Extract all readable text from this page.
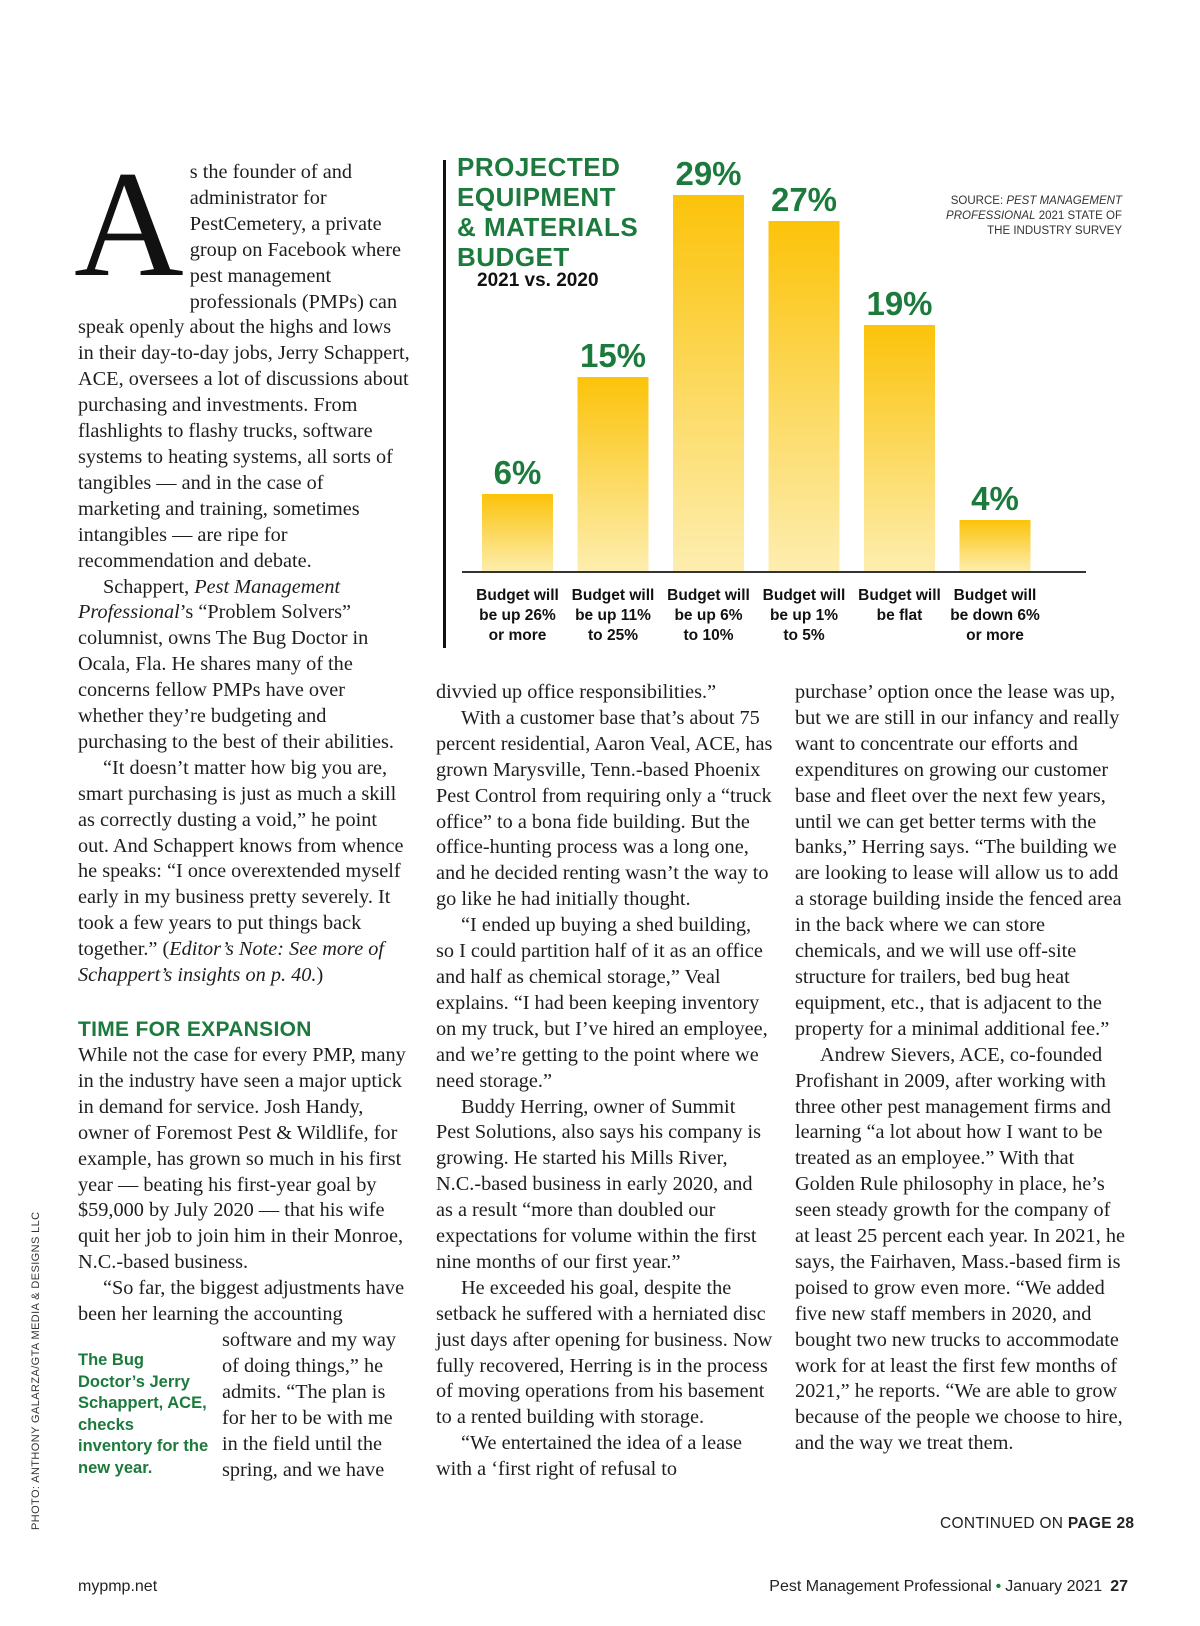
PROJECTED
EQUIPMENT
& MATERIALS
BUDGET
2021 vs. 2020
SOURCE: PEST MANAGEMENT
PROFESSIONAL 2021 STATE OF
THE INDUSTRY SURVEY
6%
15%
29%
27%
19%
4%
Budget will
be up 26%
or more
Budget will
be up 11%
to 25%
Budget will
be up 6%
to 10%
Budget will
be up 1%
to 5%
Budget will
be flat
Budget will
be down 6%
or more

As the founder of and administrator for PestCemetery, a private group on Facebook where pest management professionals (PMPs) can speak openly about the highs and lows in their day-to-day jobs, Jerry Schappert, ACE, oversees a lot of discussions about purchasing and investments. From flashlights to flashy trucks, software systems to heating systems, all sorts of tangibles — and in the case of marketing and training, sometimes intangibles — are ripe for recommendation and debate.

Schappert, Pest Management Professional’s “Problem Solvers” columnist, owns The Bug Doctor in Ocala, Fla. He shares many of the concerns fellow PMPs have over whether they’re budgeting and purchasing to the best of their abilities.

“It doesn’t matter how big you are, smart purchasing is just as much a skill as correctly dusting a void,” he point out. And Schappert knows from whence he speaks: “I once overextended myself early in my business pretty severely. It took a few years to put things back together.” (Editor’s Note: See more of Schappert’s insights on p. 40.)

TIME FOR EXPANSION

While not the case for every PMP, many in the industry have seen a major uptick in demand for service. Josh Handy, owner of Foremost Pest & Wildlife, for example, has grown so much in his first year — beating his first-year goal by $59,000 by July 2020 — that his wife quit her job to join him in their Monroe, N.C.-based business.

“So far, the biggest adjustments have been her learning the accounting

The Bug Doctor’s Jerry Schappert, ACE, checks inventory for the new year.
software and my way of doing things,” he admits. “The plan is for her to be with me in the field until the spring, and we have

divvied up office responsibilities.”

With a customer base that’s about 75 percent residential, Aaron Veal, ACE, has grown Marysville, Tenn.-based Phoenix Pest Control from requiring only a “truck office” to a bona fide building. But the office-hunting process was a long one, and he decided renting wasn’t the way to go like he had initially thought.

“I ended up buying a shed building, so I could partition half of it as an office and half as chemical storage,” Veal explains. “I had been keeping inventory on my truck, but I’ve hired an employee, and we’re getting to the point where we need storage.”

Buddy Herring, owner of Summit Pest Solutions, also says his company is growing. He started his Mills River, N.C.-based business in early 2020, and as a result “more than doubled our expectations for volume within the first nine months of our first year.”

He exceeded his goal, despite the setback he suffered with a herniated disc just days after opening for business. Now fully recovered, Herring is in the process of moving operations from his basement to a rented building with storage.

“We entertained the idea of a lease with a ‘first right of refusal to

purchase’ option once the lease was up, but we are still in our infancy and really want to concentrate our efforts and expenditures on growing our customer base and fleet over the next few years, until we can get better terms with the banks,” Herring says. “The building we are looking to lease will allow us to add a storage building inside the fenced area in the back where we can store chemicals, and we will use off-site structure for trailers, bed bug heat equipment, etc., that is adjacent to the property for a minimal additional fee.”

Andrew Sievers, ACE, co-founded Profishant in 2009, after working with three other pest management firms and learning “a lot about how I want to be treated as an employee.” With that Golden Rule philosophy in place, he’s seen steady growth for the company of at least 25 percent each year. In 2021, he says, the Fairhaven, Mass.-based firm is poised to grow even more. “We added five new staff members in 2020, and bought two new trucks to accommodate work for at least the first few months of 2021,” he reports. “We are able to grow because of the people we choose to hire, and the way we treat them.

CONTINUED ON PAGE 28
PHOTO: ANTHONY GALARZA/GTA MEDIA & DESIGNS LLC
mypmp.net	Pest Management Professional • January 2021 27
